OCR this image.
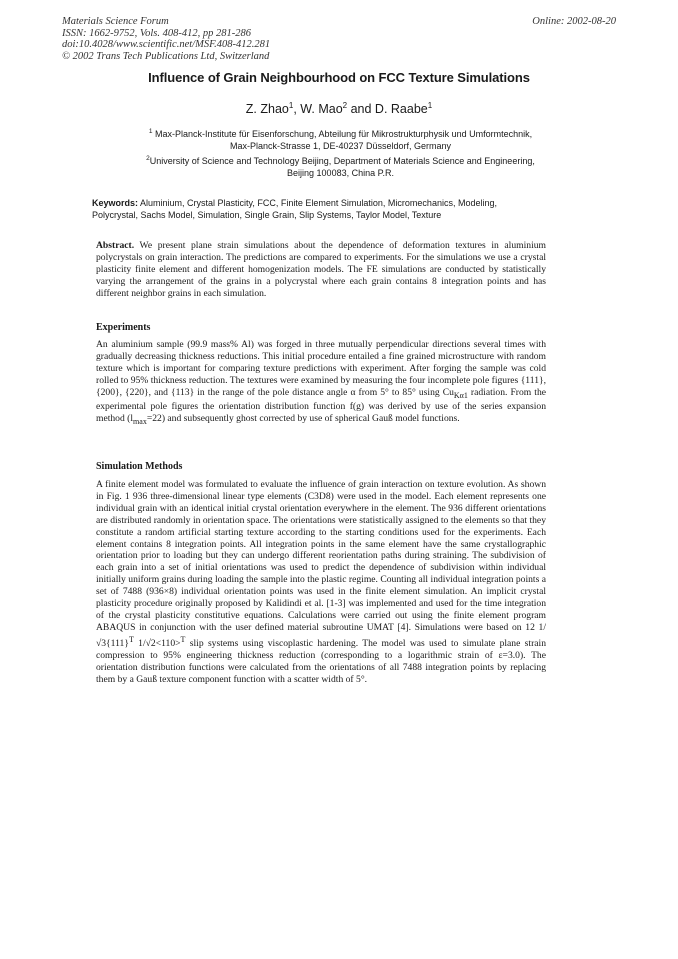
Materials Science Forum
ISSN: 1662-9752, Vols. 408-412, pp 281-286
doi:10.4028/www.scientific.net/MSF.408-412.281
© 2002 Trans Tech Publications Ltd, Switzerland
Online: 2002-08-20
Influence of Grain Neighbourhood on FCC Texture Simulations
Z. Zhao$^1$, W. Mao$^2$ and D. Raabe$^1$
$^1$ Max-Planck-Institute für Eisenforschung, Abteilung für Mikrostrukturphysik und Umformtechnik,
Max-Planck-Strasse 1, DE-40237 Düsseldorf, Germany
$^2$University of Science and Technology Beijing, Department of Materials Science and Engineering,
Beijing 100083, China P.R.
Keywords: Aluminium, Crystal Plasticity, FCC, Finite Element Simulation, Micromechanics, Modeling, Polycrystal, Sachs Model, Simulation, Single Grain, Slip Systems, Taylor Model, Texture
Abstract. We present plane strain simulations about the dependence of deformation textures in aluminium polycrystals on grain interaction. The predictions are compared to experiments. For the simulations we use a crystal plasticity finite element and different homogenization models. The FE simulations are conducted by statistically varying the arrangement of the grains in a polycrystal where each grain contains 8 integration points and has different neighbor grains in each simulation.
Experiments

An aluminium sample (99.9 mass% Al) was forged in three mutually perpendicular directions several times with gradually decreasing thickness reductions. This initial procedure entailed a fine grained microstructure with random texture which is important for comparing texture predictions with experiment. After forging the sample was cold rolled to 95% thickness reduction. The textures were examined by measuring the four incomplete pole figures {111}, {200}, {220}, and {113} in the range of the pole distance angle α from 5° to 85° using $Cu_{K\alpha 1}$ radiation. From the experimental pole figures the orientation distribution function f(g) was derived by use of the series expansion method $(l_{max}=22)$ and subsequently ghost corrected by use of spherical Gauß model functions.

Simulation Methods

A finite element model was formulated to evaluate the influence of grain interaction on texture evolution. As shown in Fig. 1 936 three-dimensional linear type elements (C3D8) were used in the model. Each element represents one individual grain with an identical initial crystal orientation everywhere in the element. The 936 different orientations are distributed randomly in orientation space. The orientations were statistically assigned to the elements so that they constitute a random artificial starting texture according to the starting conditions used for the experiments. Each element contains 8 integration points. All integration points in the same element have the same crystallographic orientation prior to loading but they can undergo different reorientation paths during straining. The subdivision of each grain into a set of initial orientations was used to predict the dependence of subdivision within individual initially uniform grains during loading the sample into the plastic regime. Counting all individual integration points a set of 7488 (936×8) individual orientation points was used in the finite element simulation. An implicit crystal plasticity procedure originally proposed by Kalidindi et al. [1-3] was implemented and used for the time integration of the crystal plasticity constitutive equations. Calculations were carried out using the finite element program ABAQUS in conjunction with the user defined material subroutine UMAT [4]. Simulations were based on 12 $1/√3\{111\}^T$ 1/√2<110>$^T$ slip systems using viscoplastic hardening. The model was used to simulate plane strain compression to 95% engineering thickness reduction (corresponding to a logarithmic strain of ε=3.0). The orientation distribution functions were calculated from the orientations of all 7488 integration points by replacing them by a Gauß texture component function with a scatter width of 5°.
